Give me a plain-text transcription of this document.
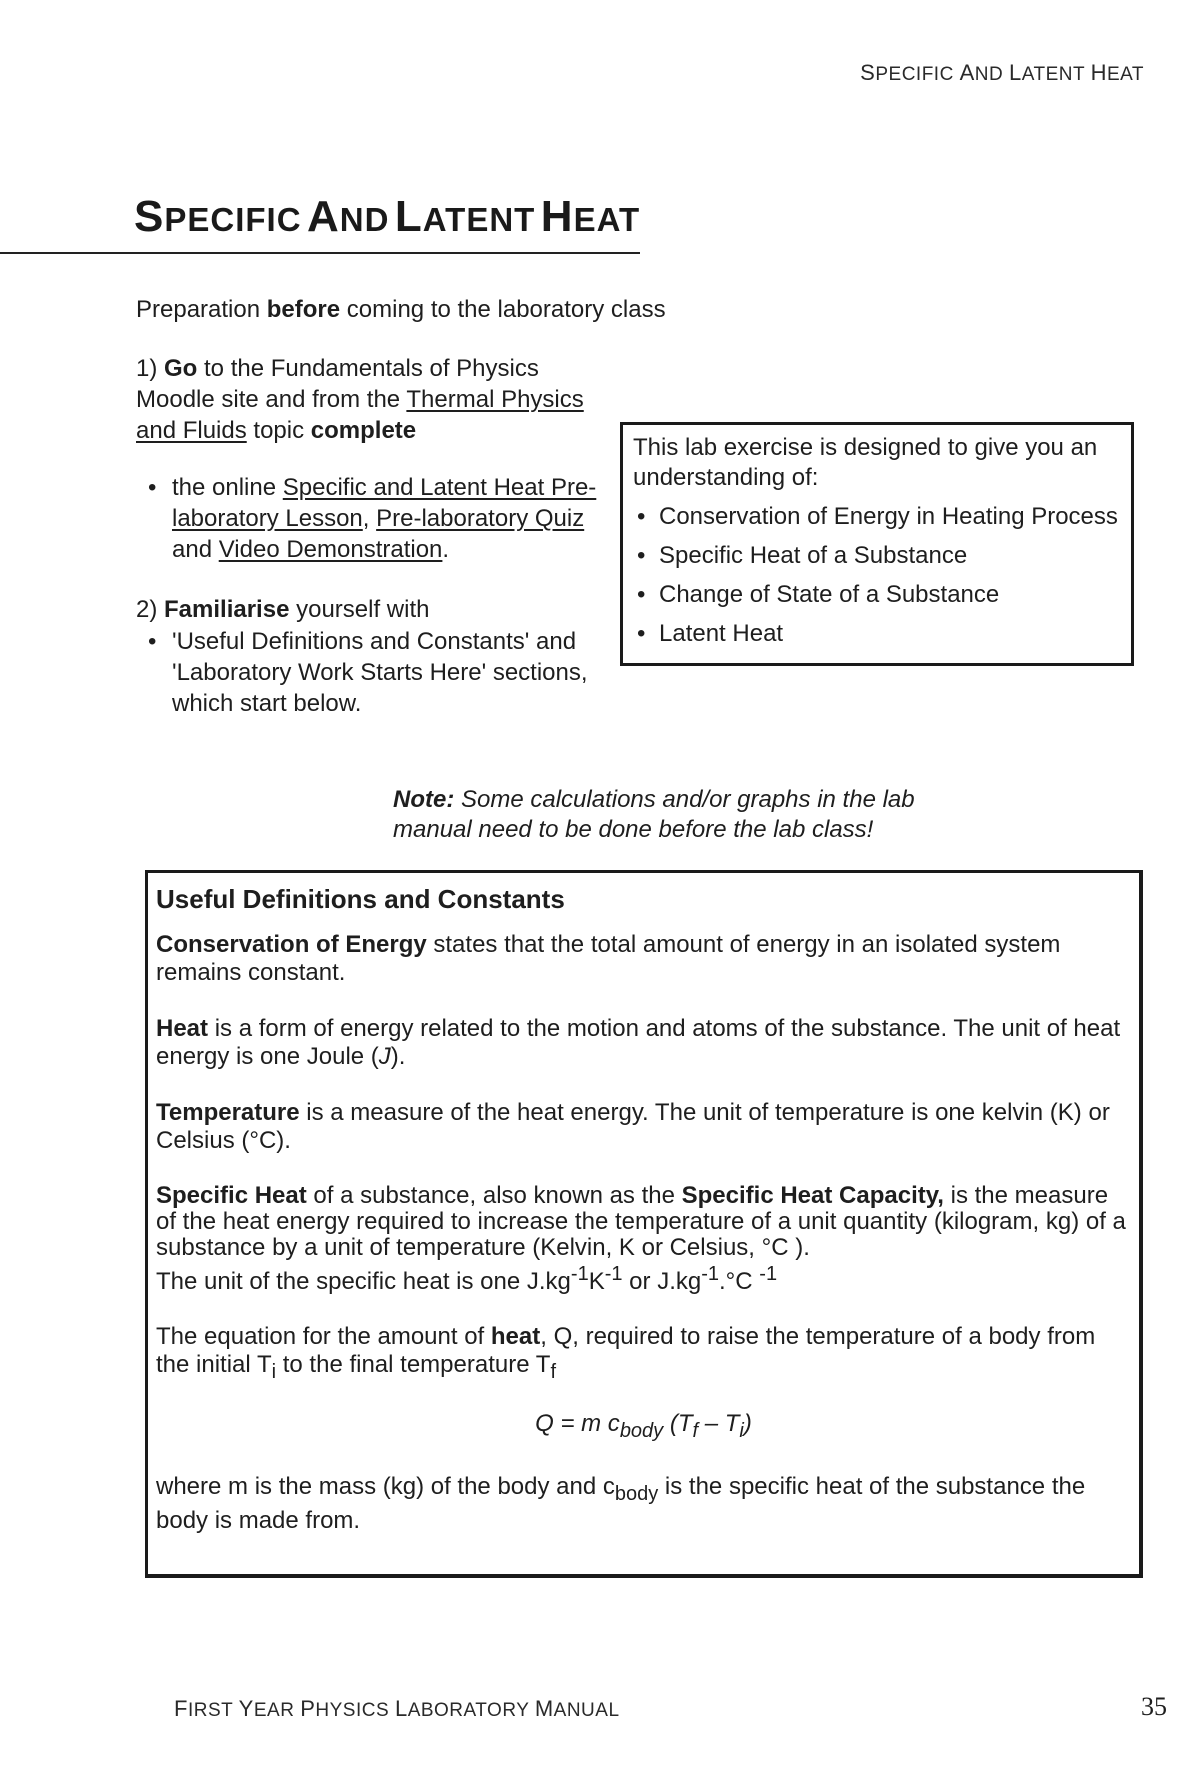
SPECIFIC AND LATENT HEAT
SPECIFIC AND LATENT HEAT
Preparation before coming to the laboratory class
1) Go to the Fundamentals of Physics Moodle site and from the Thermal Physics and Fluids topic complete
• the online Specific and Latent Heat Pre-laboratory Lesson, Pre-laboratory Quiz
and Video Demonstration.
2) Familiarise yourself with
• 'Useful Definitions and Constants' and 'Laboratory Work Starts Here' sections, which start below.
This lab exercise is designed to give you an understanding of:
• Conservation of Energy in Heating Process
• Specific Heat of a Substance
• Change of State of a Substance
• Latent Heat
Note: Some calculations and/or graphs in the lab manual need to be done before the lab class!
Useful Definitions and Constants

Conservation of Energy states that the total amount of energy in an isolated system remains constant.

Heat is a form of energy related to the motion and atoms of the substance. The unit of heat energy is one Joule (J).

Temperature is a measure of the heat energy. The unit of temperature is one kelvin (K) or Celsius (°C).

Specific Heat of a substance, also known as the Specific Heat Capacity, is the measure of the heat energy required to increase the temperature of a unit quantity (kilogram, kg) of a substance by a unit of temperature (Kelvin, K or Celsius, °C ).
The unit of the specific heat is one $J.kg^{-1}K^{-1}$ or $J.kg^{-1}.^\circ C$ $^{-1}$

The equation for the amount of heat, Q, required to raise the temperature of a body from the initial $T_i$ to the final temperature $T_f$

Q = m $c_{body}$ $(T_f - T_i)$

where m is the mass (kg) of the body and $c_{body}$ is the specific heat of the substance the body is made from.

FIRST YEAR PHYSICS LABORATORY MANUAL	35
